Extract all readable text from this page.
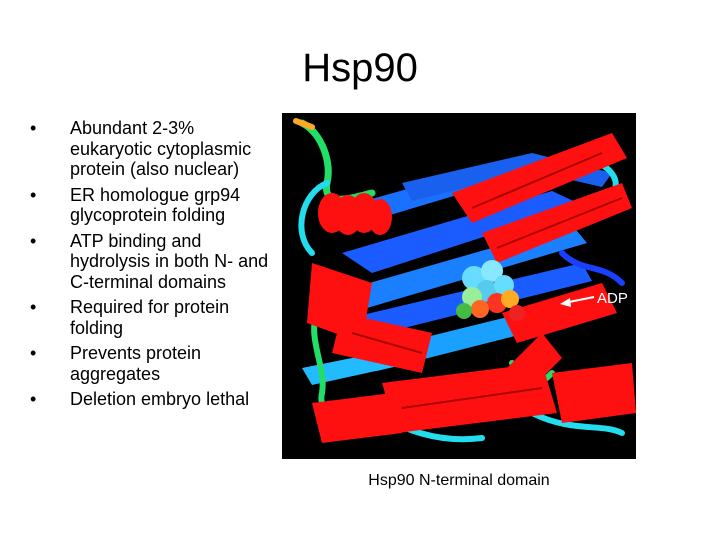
Hsp90
•	Abundant 2-3% eukaryotic cytoplasmic protein (also nuclear)
•	ER homologue grp94 glycoprotein folding
•	ATP binding and hydrolysis in both N- and C-terminal domains
•	Required for protein folding
•	Prevents protein aggregates
•	Deletion embryo lethal
ADP
Hsp90 N-terminal domain
